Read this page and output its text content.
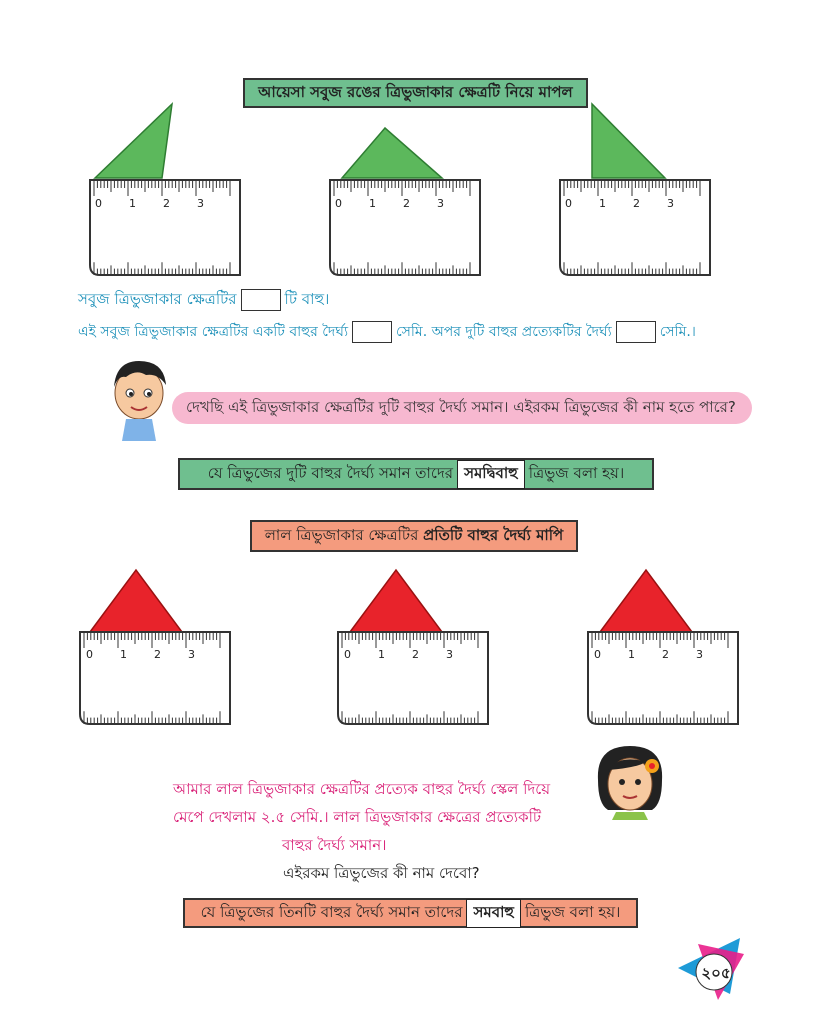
আয়েসা সবুজ রঙের ত্রিভুজাকার ক্ষেত্রটি নিয়ে মাপল
0 1 2 3	0 1 2 3	0 1 2 3
সবুজ ত্রিভুজাকার ক্ষেত্রটির	টি বাহু।
এই সবুজ ত্রিভুজাকার ক্ষেত্রটির একটি বাহুর দৈর্ঘ্য	সেমি. অপর দুটি বাহুর প্রত্যেকটির দৈর্ঘ্য	সেমি.।
দেখছি এই ত্রিভুজাকার ক্ষেত্রটির দুটি বাহুর দৈর্ঘ্য সমান। এইরকম ত্রিভুজের কী নাম হতে পারে?
যে ত্রিভুজের দুটি বাহুর দৈর্ঘ্য সমান তাদের সমদ্বিবাহু ত্রিভুজ বলা হয়।
লাল ত্রিভুজাকার ক্ষেত্রটির
প্রতিটি বাহুর দৈর্ঘ্য মাপি
0 1 2 3	0 1 2 3	0 1 2 3
আমার লাল ত্রিভুজাকার ক্ষেত্রটির প্রত্যেক বাহুর দৈর্ঘ্য স্কেল দিয়ে
মেপে দেখলাম ২.৫ সেমি.। লাল ত্রিভুজাকার ক্ষেত্রের প্রত্যেকটি
বাহুর দৈর্ঘ্য সমান।
এইরকম ত্রিভুজের কী নাম দেবো?
যে ত্রিভুজের তিনটি বাহুর দৈর্ঘ্য সমান তাদের সমবাহু ত্রিভুজ বলা হয়।
২০৫
